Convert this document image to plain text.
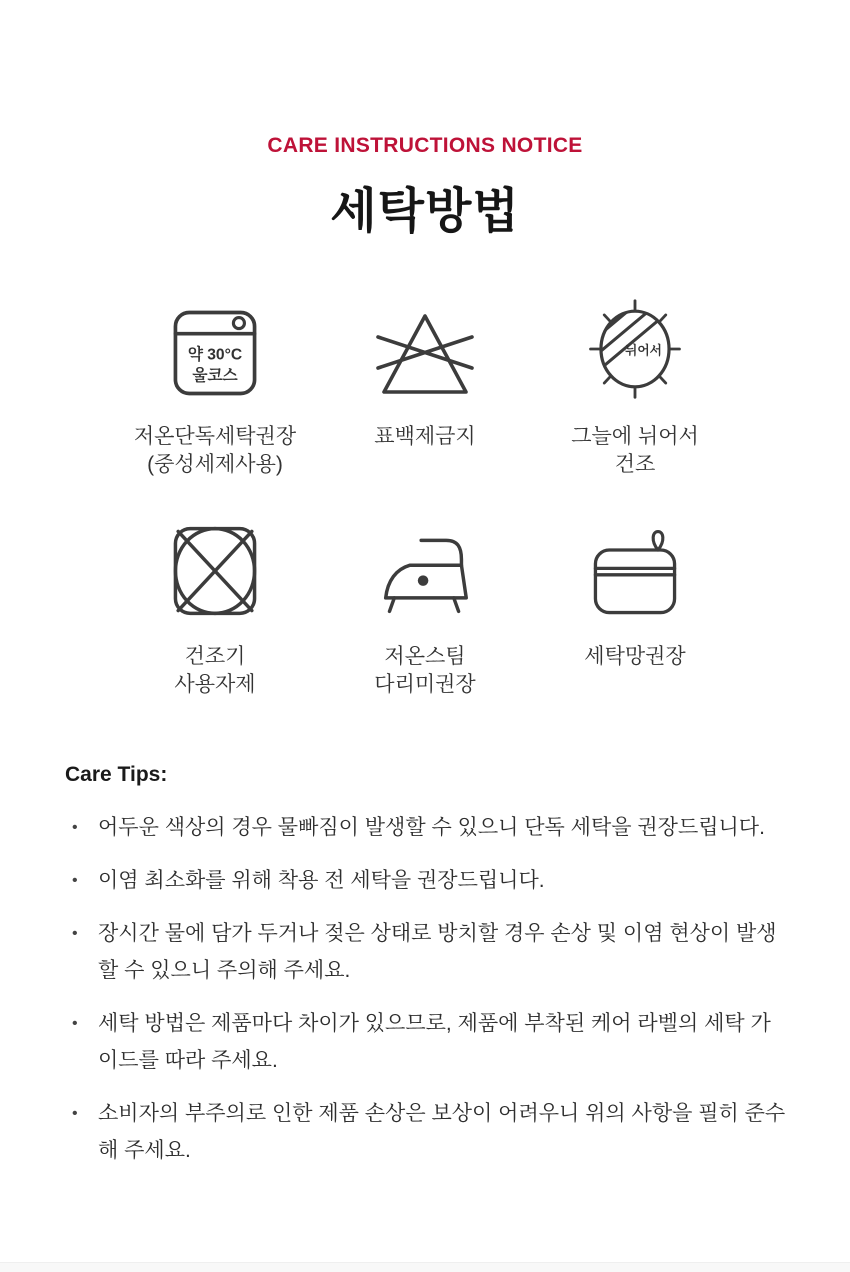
CARE INSTRUCTIONS NOTICE
세탁방법
약 30°C
울코스
저온단독세탁권장
(중성세제사용)
표백제금지
뉘어서
그늘에 뉘어서
건조
건조기
사용자제
저온스팀
다리미권장
세탁망권장
Care Tips:
• 어두운 색상의 경우 물빠짐이 발생할 수 있으니 단독 세탁을 권장드립니다.
• 이염 최소화를 위해 착용 전 세탁을 권장드립니다.
• 장시간 물에 담가 두거나 젖은 상태로 방치할 경우 손상 및 이염 현상이 발생할 수 있으니 주의해 주세요.
• 세탁 방법은 제품마다 차이가 있으므로, 제품에 부착된 케어 라벨의 세탁 가이드를 따라 주세요.
• 소비자의 부주의로 인한 제품 손상은 보상이 어려우니 위의 사항을 필히 준수해 주세요.
